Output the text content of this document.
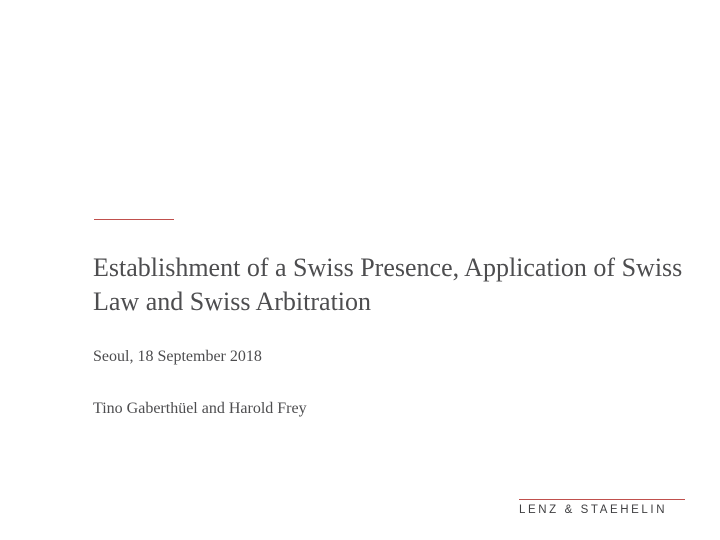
Establishment of a Swiss Presence, Application of Swiss Law and Swiss Arbitration

Seoul, 18 September 2018

Tino Gaberthüel and Harold Frey

LENZ & STAEHELIN
